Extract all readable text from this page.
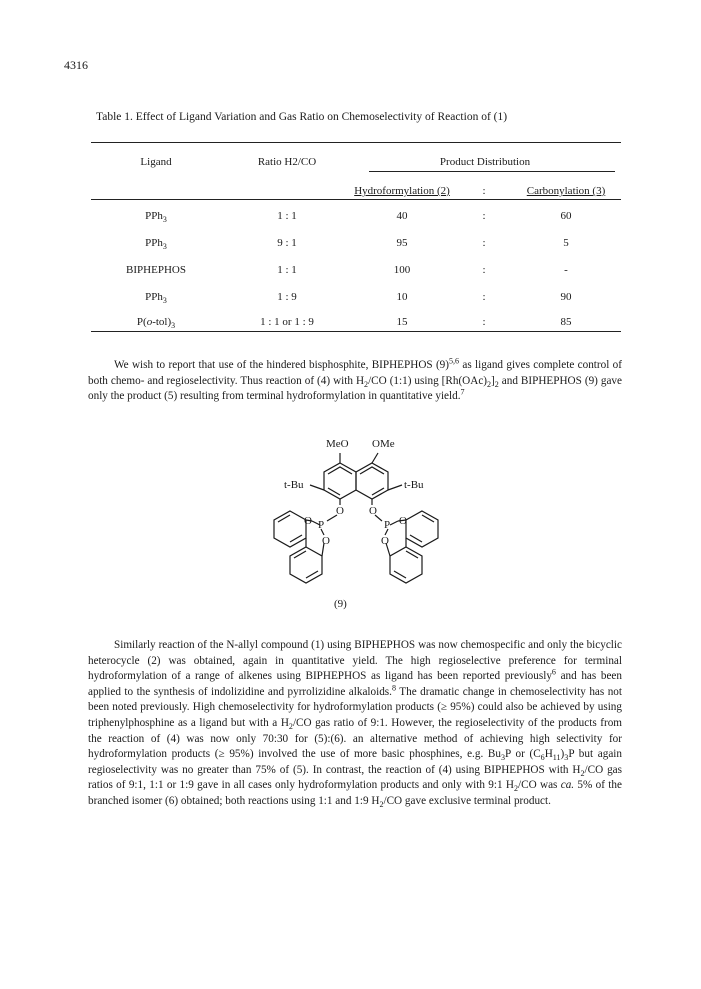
4316
Table 1. Effect of Ligand Variation and Gas Ratio on Chemoselectivity of Reaction of (1)
Ligand	Ratio H2/CO	Product Distribution
Hydroformylation (2)	:	Carbonylation (3)
PPh$_3$	1 : 1	40	:	60
PPh$_3$	9 : 1	95	:	5
BIPHEPHOS	1 : 1	100	:	-
PPh$_3$	1 : 9	10	:	90
$P(o-tol)_3$	1 : 1 or 1 : 9	15	:	85

We wish to report that use of the hindered bisphosphite, BIPHEPHOS $(9)^{5,6}$ as ligand gives complete control of both chemo- and regioselectivity. Thus reaction of (4) with $H_2/CO$ (1:1) using $[Rh(OAc)_2]_2$ and BIPHEPHOS (9) gave only the product (5) resulting from terminal hydroformylation in quantitative yield.$^7$

MeO OMe
t-Bu	t-Bu
O O
P	P
O	O
O	O
(9)

Similarly reaction of the N-allyl compound (1) using BIPHEPHOS was now chemospecific and only the bicyclic heterocycle (2) was obtained, again in quantitative yield. The high regioselective preference for terminal hydroformylation of a range of alkenes using BIPHEPHOS as ligand has been reported previously$^6$ and has been applied to the synthesis of indolizidine and pyrrolizidine alkaloids.$^8$ The dramatic change in chemoselectivity has not been noted previously. High chemoselectivity for hydroformylation products (≥ 95%) could also be achieved by using triphenylphosphine as a ligand but with a $H_2/CO$ gas ratio of 9:1. However, the regioselectivity of the products from the reaction of (4) was now only 70:30 for (5):(6). an alternative method of achieving high selectivity for hydroformylation products (≥ 95%) involved the use of more basic phosphines, e.g. $Bu_3P$ or $(C_6H_{11})_3P$ but again regioselectivity was no greater than 75% of (5). In contrast, the reaction of (4) using BIPHEPHOS with $H_2/CO$ gas ratios of 9:1, 1:1 or 1:9 gave in all cases only hydroformylation products and only with 9:1 $H_2/CO$ was ca. 5% of the branched isomer (6) obtained; both reactions using 1:1 and 1:9 $H_2/CO$ gave exclusive terminal product.
